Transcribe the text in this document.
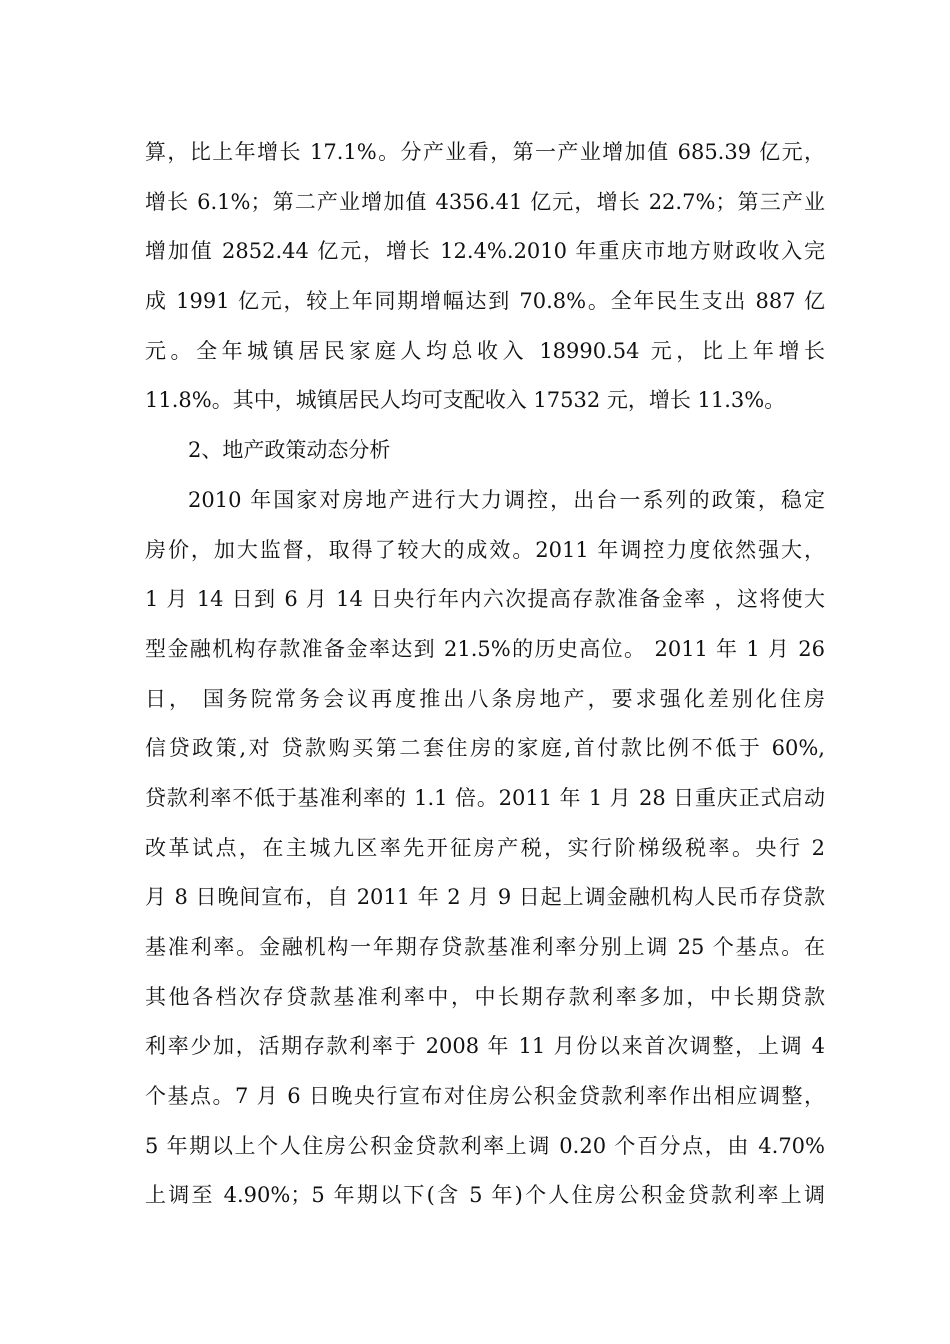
算，比上年增长 17.1%。分产业看，第一产业增加值 685.39 亿元，
增长 6.1%；第二产业增加值 4356.41 亿元，增长 22.7%；第三产业
增加值 2852.44 亿元，增长 12.4%.2010 年重庆市地方财政收入完
成 1991 亿元，较上年同期增幅达到 70.8%。全年民生支出 887 亿
元。全年城镇居民家庭人均总收入 18990.54 元，比上年增长
11.8%。其中，城镇居民人均可支配收入 17532 元，增长 11.3%。
2、地产政策动态分析
2010 年国家对房地产进行大力调控，出台一系列的政策，稳定
房价，加大监督，取得了较大的成效。2011 年调控力度依然强大，
1 月 14 日到 6 月 14 日央行年内六次提高存款准备金率 ，这将使大
型金融机构存款准备金率达到 21.5%的历史高位。 2011 年 1 月 26
日， 国务院常务会议再度推出八条房地产，要求强化差别化住房
信贷政策,对 贷款购买第二套住房的家庭,首付款比例不低于 60%,
贷款利率不低于基准利率的 1.1 倍。2011 年 1 月 28 日重庆正式启动
改革试点，在主城九区率先开征房产税，实行阶梯级税率。央行 2
月 8 日晚间宣布，自 2011 年 2 月 9 日起上调金融机构人民币存贷款
基准利率。金融机构一年期存贷款基准利率分别上调 25 个基点。在
其他各档次存贷款基准利率中，中长期存款利率多加，中长期贷款
利率少加，活期存款利率于 2008 年 11 月份以来首次调整，上调 4
个基点。7 月 6 日晚央行宣布对住房公积金贷款利率作出相应调整，
5 年期以上个人住房公积金贷款利率上调 0.20 个百分点，由 4.70%
上调至 4.90%；5 年期以下(含 5 年)个人住房公积金贷款利率上调
